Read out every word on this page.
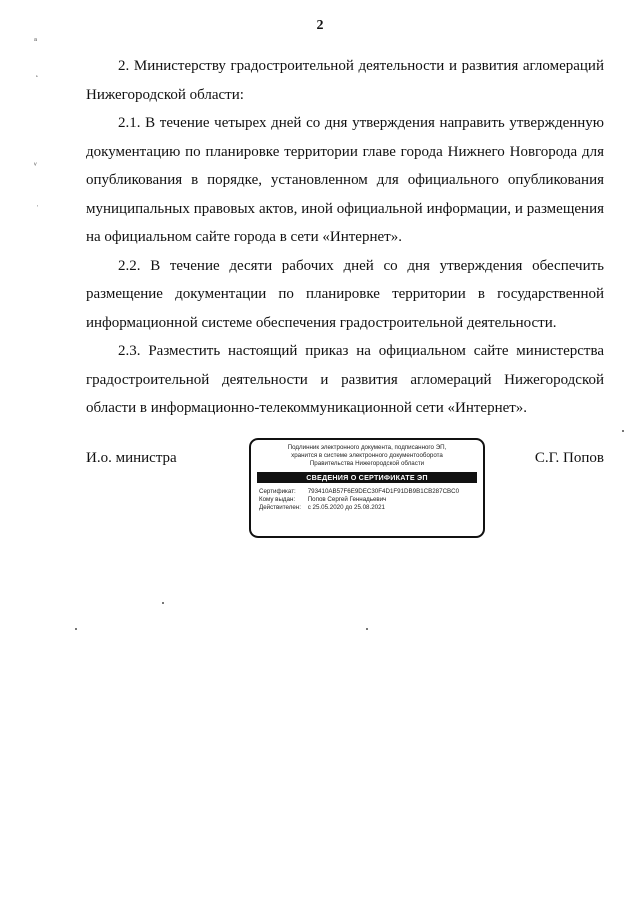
2
ᵃ
˛
ᵥ
ˌ

2. Министерству градостроительной деятельности и развития агломераций Нижегородской области:

2.1. В течение четырех дней со дня утверждения направить утвержденную документацию по планировке территории главе города Нижнего Новгорода для опубликования в порядке, установленном для официального опубликования муниципальных правовых актов, иной официальной информации, и размещения на официальном сайте города в сети «Интернет».

2.2. В течение десяти рабочих дней со дня утверждения обеспечить размещение документации по планировке территории в государственной информационной системе обеспечения градостроительной деятельности.

2.3. Разместить настоящий приказ на официальном сайте министерства градостроительной деятельности и развития агломераций Нижегородской области в информационно-телекоммуникационной сети «Интернет».

И.о. министра
Подлинник электронного документа, подписанного ЭП,
хранится в системе электронного документооборота
Правительства Нижегородской области
СВЕДЕНИЯ О СЕРТИФИКАТЕ ЭП
Сертификат: 793410AB57F6E9DEC30F4D1F91DB9B1CB287CBC0
Кому выдан: Попов Сергей Геннадьевич
Действителен: с 25.05.2020 до 25.08.2021
С.Г. Попов
